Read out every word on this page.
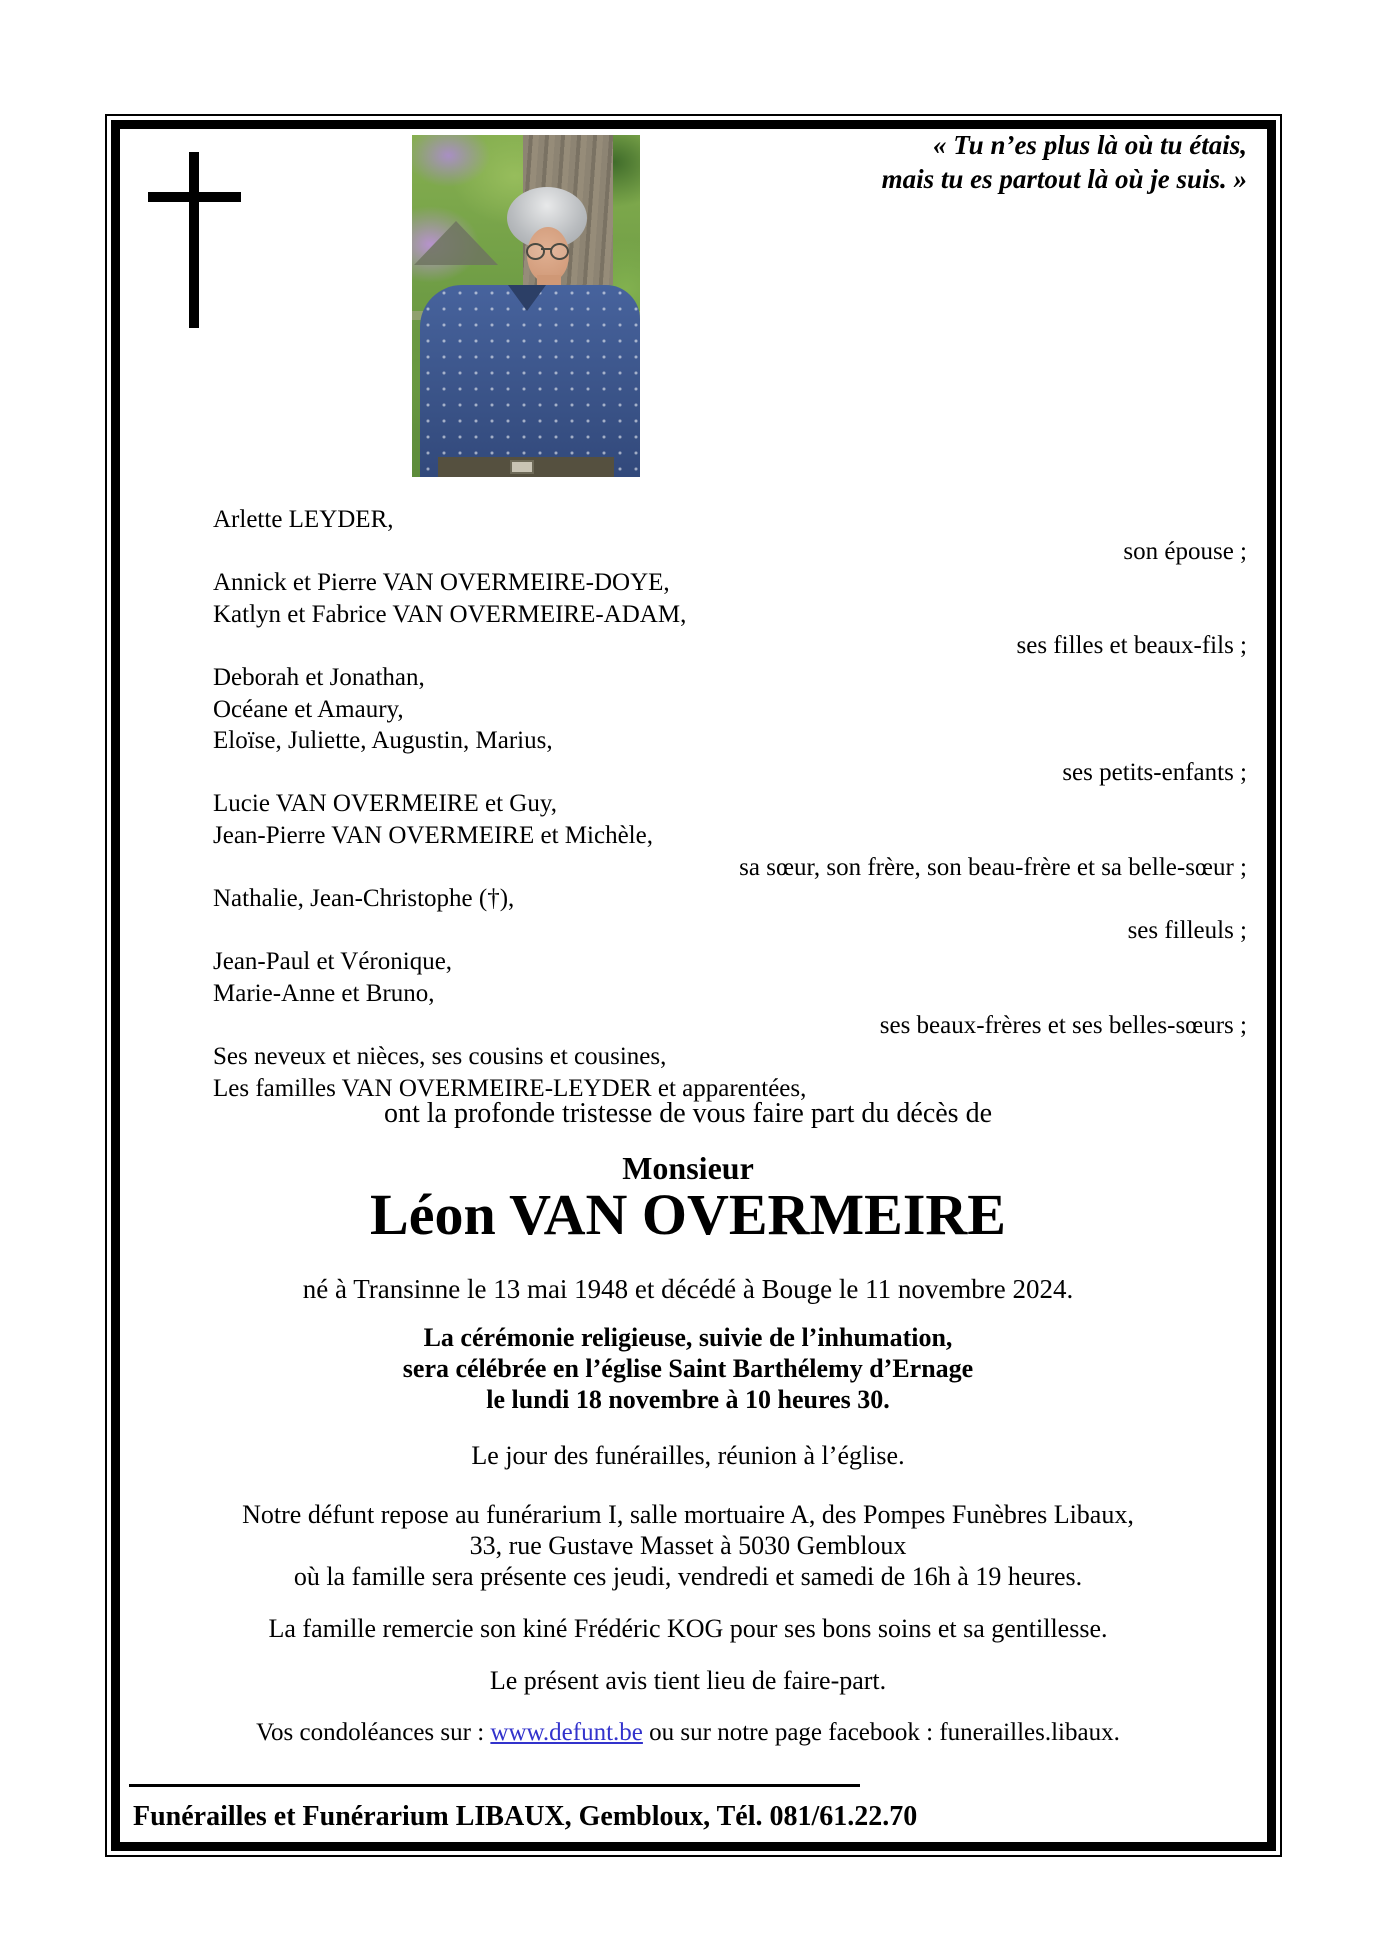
« Tu n’es plus là où tu étais,
mais tu es partout là où je suis. »
Arlette LEYDER,
son épouse ;
Annick et Pierre VAN OVERMEIRE-DOYE,
Katlyn et Fabrice VAN OVERMEIRE-ADAM,
ses filles et beaux-fils ;
Deborah et Jonathan,
Océane et Amaury,
Eloïse, Juliette, Augustin, Marius,
ses petits-enfants ;
Lucie VAN OVERMEIRE et Guy,
Jean-Pierre VAN OVERMEIRE et Michèle,
sa sœur, son frère, son beau-frère et sa belle-sœur ;
Nathalie, Jean-Christophe (†),
ses filleuls ;
Jean-Paul et Véronique,
Marie-Anne et Bruno,
ses beaux-frères et ses belles-sœurs ;
Ses neveux et nièces, ses cousins et cousines,
Les familles VAN OVERMEIRE-LEYDER et apparentées,
ont la profonde tristesse de vous faire part du décès de
Monsieur
Léon VAN OVERMEIRE
né à Transinne le 13 mai 1948 et décédé à Bouge le 11 novembre 2024.
La cérémonie religieuse, suivie de l’inhumation,
sera célébrée en l’église Saint Barthélemy d’Ernage
le lundi 18 novembre à 10 heures 30.
Le jour des funérailles, réunion à l’église.
Notre défunt repose au funérarium I, salle mortuaire A, des Pompes Funèbres Libaux,
33, rue Gustave Masset à 5030 Gembloux
où la famille sera présente ces jeudi, vendredi et samedi de 16h à 19 heures.
La famille remercie son kiné Frédéric KOG pour ses bons soins et sa gentillesse.
Le présent avis tient lieu de faire-part.
Vos condoléances sur : www.defunt.be ou sur notre page facebook : funerailles.libaux.
Funérailles et Funérarium LIBAUX, Gembloux, Tél. 081/61.22.70
